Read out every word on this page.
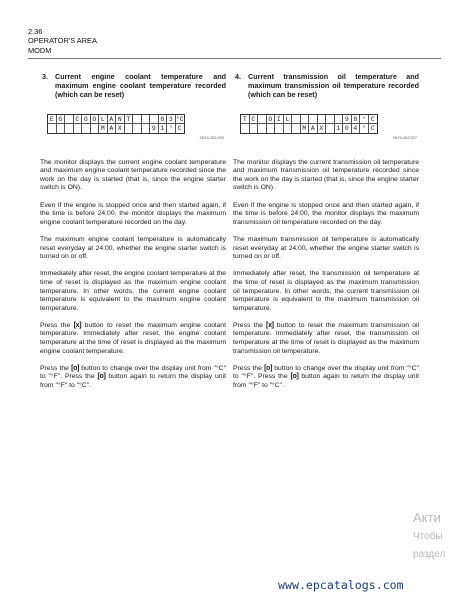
2.36
OPERATOR'S AREA
MODM
3. Current engine coolant temperature and maximum engine coolant temperature recorded (which can be reset)
E G	C O O L A N T	8 3 °C
M A X	9 1 ° C
9DZV-282/205

The monitor displays the current engine coolant temperature and maximum engine coolant temperature recorded since the work on the day is started (that is, since the engine starter switch is ON).

Even if the engine is stopped once and then started again, if the time is before 24:00, the monitor displays the maximum engine coolant temperature recorded on the day.

The maximum engine coolant temperature is automatically reset everyday at 24:00, whether the engine starter switch is turned on or off.

Immediately after reset, the engine coolant temperature at the time of reset is displayed as the maximum engine coolant temperature. In other words, the current engine coolant temperature is equivalent to the maximum engine coolant temperature.

Press the [x] button to reset the maximum engine coolant temperature. Immediately after reset, the engine coolant temperature at the time of reset is displayed as the maximum engine coolant temperature.

Press the [o] button to change over the display unit from "°C" to "°F". Press the [o] button again to return the display unit from "°F" to "°C".

4. Current transmission oil temperature and maximum transmission oil temperature recorded (which can be reset)
T C	O I L	9 8 ° C
M A X	1 0 4 ° C
9DZV-282/207

The monitor displays the current transmission oil temperature and maximum transmission oil temperature recorded since the work on the day is started (that is, since the engine starter switch is ON).

Even if the engine is stopped once and then started again, if the time is before 24:00, the monitor displays the maximum transmission oil temperature recorded on the day.

The maximum transmission oil temperature is automatically reset everyday at 24:00, whether the engine starter switch is turned on or off.

Immediately after reset, the transmission oil temperature at the time of reset is displayed as the maximum transmission oil temperature. In other words, the current transmission oil temperature is equivalent to the maximum transmission oil temperature.

Press the [x] button to reset the maximum transmission oil temperature. Immediately after reset, the transmission oil temperature at the time of reset is displayed as the maximum transmission oil temperature.

Press the [o] button to change over the display unit from "°C" to "°F". Press the [o] button again to return the display unit from "°F" to "°C".

Акти
Чтобы
раздел
www.epcatalogs.com
